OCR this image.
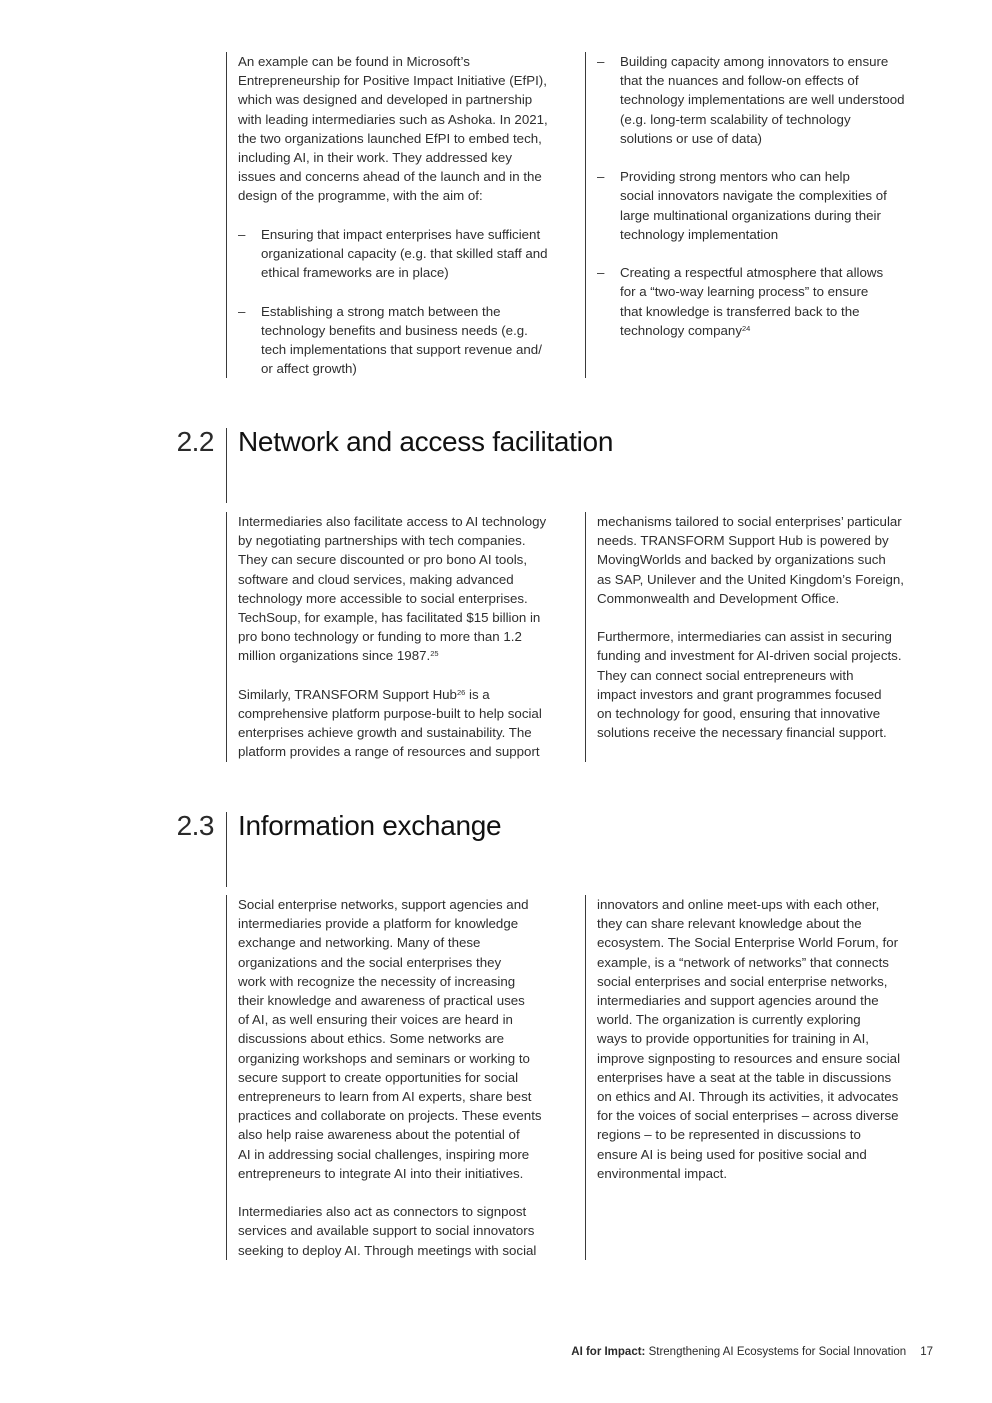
An example can be found in Microsoft’s
Entrepreneurship for Positive Impact Initiative (EfPI),
which was designed and developed in partnership
with leading intermediaries such as Ashoka. In 2021,
the two organizations launched EfPI to embed tech,
including AI, in their work. They addressed key
issues and concerns ahead of the launch and in the
design of the programme, with the aim of:

–	Ensuring that impact enterprises have sufficient
organizational capacity (e.g. that skilled staff and
ethical frameworks are in place)
–	Establishing a strong match between the
technology benefits and business needs (e.g.
tech implementations that support revenue and/
or affect growth)
–	Building capacity among innovators to ensure
that the nuances and follow-on effects of
technology implementations are well understood
(e.g. long-term scalability of technology
solutions or use of data)
–	Providing strong mentors who can help
social innovators navigate the complexities of
large multinational organizations during their
technology implementation
–	Creating a respectful atmosphere that allows
for a “two-way learning process” to ensure
that knowledge is transferred back to the
technology company$^{24}$
2.2 Network and access facilitation

Intermediaries also facilitate access to AI technology
by negotiating partnerships with tech companies.
They can secure discounted or pro bono AI tools,
software and cloud services, making advanced
technology more accessible to social enterprises.
TechSoup, for example, has facilitated $15 billion in
pro bono technology or funding to more than 1.2
million organizations since 1987.25

Similarly, TRANSFORM Support Hub$^{26}$ is a
comprehensive platform purpose-built to help social
enterprises achieve growth and sustainability. The
platform provides a range of resources and support

mechanisms tailored to social enterprises’ particular
needs. TRANSFORM Support Hub is powered by
MovingWorlds and backed by organizations such
as SAP, Unilever and the United Kingdom’s Foreign,
Commonwealth and Development Office.

Furthermore, intermediaries can assist in securing
funding and investment for AI-driven social projects.
They can connect social entrepreneurs with
impact investors and grant programmes focused
on technology for good, ensuring that innovative
solutions receive the necessary financial support.

2.3 Information exchange

Social enterprise networks, support agencies and
intermediaries provide a platform for knowledge
exchange and networking. Many of these
organizations and the social enterprises they
work with recognize the necessity of increasing
their knowledge and awareness of practical uses
of AI, as well ensuring their voices are heard in
discussions about ethics. Some networks are
organizing workshops and seminars or working to
secure support to create opportunities for social
entrepreneurs to learn from AI experts, share best
practices and collaborate on projects. These events
also help raise awareness about the potential of
AI in addressing social challenges, inspiring more
entrepreneurs to integrate AI into their initiatives.

Intermediaries also act as connectors to signpost
services and available support to social innovators
seeking to deploy AI. Through meetings with social

innovators and online meet-ups with each other,
they can share relevant knowledge about the
ecosystem. The Social Enterprise World Forum, for
example, is a “network of networks” that connects
social enterprises and social enterprise networks,
intermediaries and support agencies around the
world. The organization is currently exploring
ways to provide opportunities for training in AI,
improve signposting to resources and ensure social
enterprises have a seat at the table in discussions
on ethics and AI. Through its activities, it advocates
for the voices of social enterprises – across diverse
regions – to be represented in discussions to
ensure AI is being used for positive social and
environmental impact.

AI for Impact: Strengthening AI Ecosystems for Social Innovation 17
